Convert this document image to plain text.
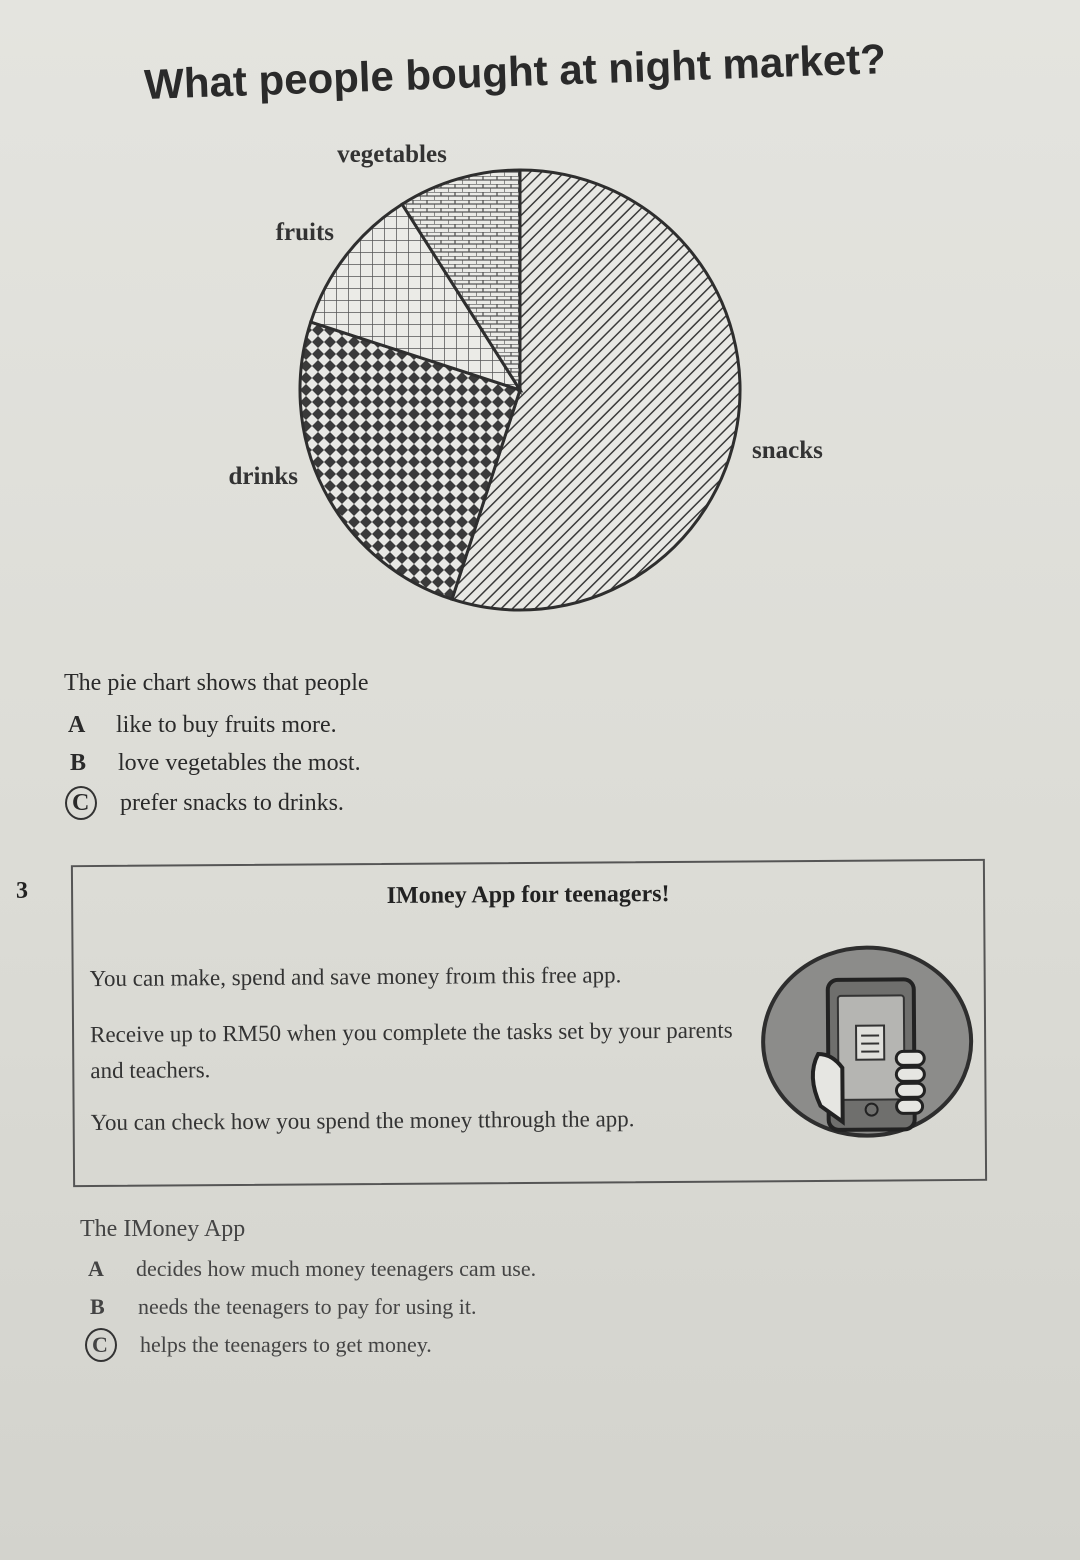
What people bought at night market?
snacks
drinks
fruits
vegetables
The pie chart shows that people
A	like to buy fruits more.
B	love vegetables the most.
C	prefer snacks to drinks.
3	IMoney App foır teenagers!
You can make, spend and save money froım this free app.
Receive up to RM50 when you complete the tasks set by your parents and teachers.
You can check how you spend the money tthrough the app.
The IMoney App
A	decides how much money teenagers cam use.
B	needs the teenagers to pay for using it.
C	helps the teenagers to get money.
